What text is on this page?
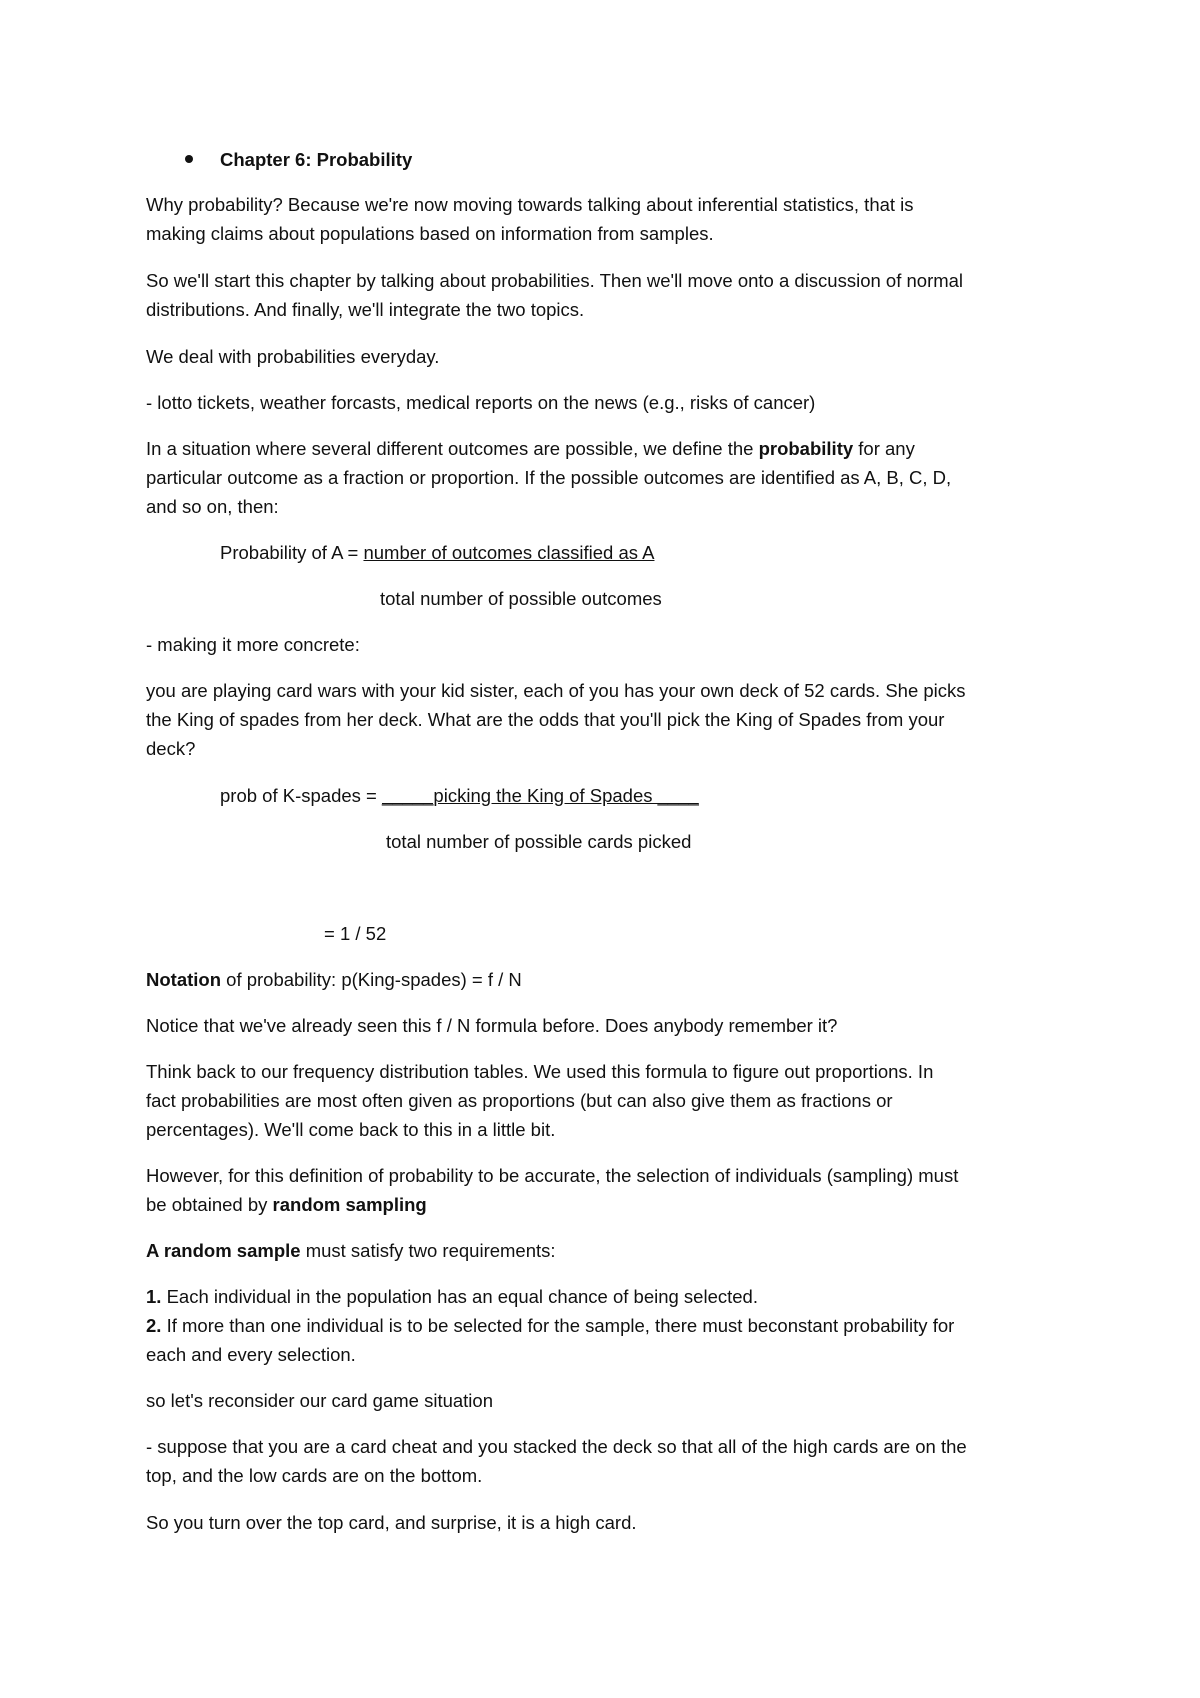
Chapter 6: Probability

Why probability? Because we're now moving towards talking about inferential statistics, that is

making claims about populations based on information from samples.

So we'll start this chapter by talking about probabilities. Then we'll move onto a discussion of normal

distributions. And finally, we'll integrate the two topics.

We deal with probabilities everyday.

- lotto tickets, weather forcasts, medical reports on the news (e.g., risks of cancer)

In a situation where several different outcomes are possible, we define the probability for any

particular outcome as a fraction or proportion. If the possible outcomes are identified as A, B, C, D,

and so on, then:

Probability of A = number of outcomes classified as A

total number of possible outcomes

- making it more concrete:

you are playing card wars with your kid sister, each of you has your own deck of 52 cards. She picks

the King of spades from her deck. What are the odds that you'll pick the King of Spades from your

deck?

prob of K-spades = _____picking the King of Spades ____

total number of possible cards picked

= 1 / 52

Notation of probability: p(King-spades) = f / N

Notice that we've already seen this f / N formula before. Does anybody remember it?

Think back to our frequency distribution tables. We used this formula to figure out proportions. In

fact probabilities are most often given as proportions (but can also give them as fractions or

percentages). We'll come back to this in a little bit.

However, for this definition of probability to be accurate, the selection of individuals (sampling) must

be obtained by random sampling

A random sample must satisfy two requirements:

1. Each individual in the population has an equal chance of being selected.

2. If more than one individual is to be selected for the sample, there must beconstant probability for

each and every selection.

so let's reconsider our card game situation

- suppose that you are a card cheat and you stacked the deck so that all of the high cards are on the

top, and the low cards are on the bottom.

So you turn over the top card, and surprise, it is a high card.
